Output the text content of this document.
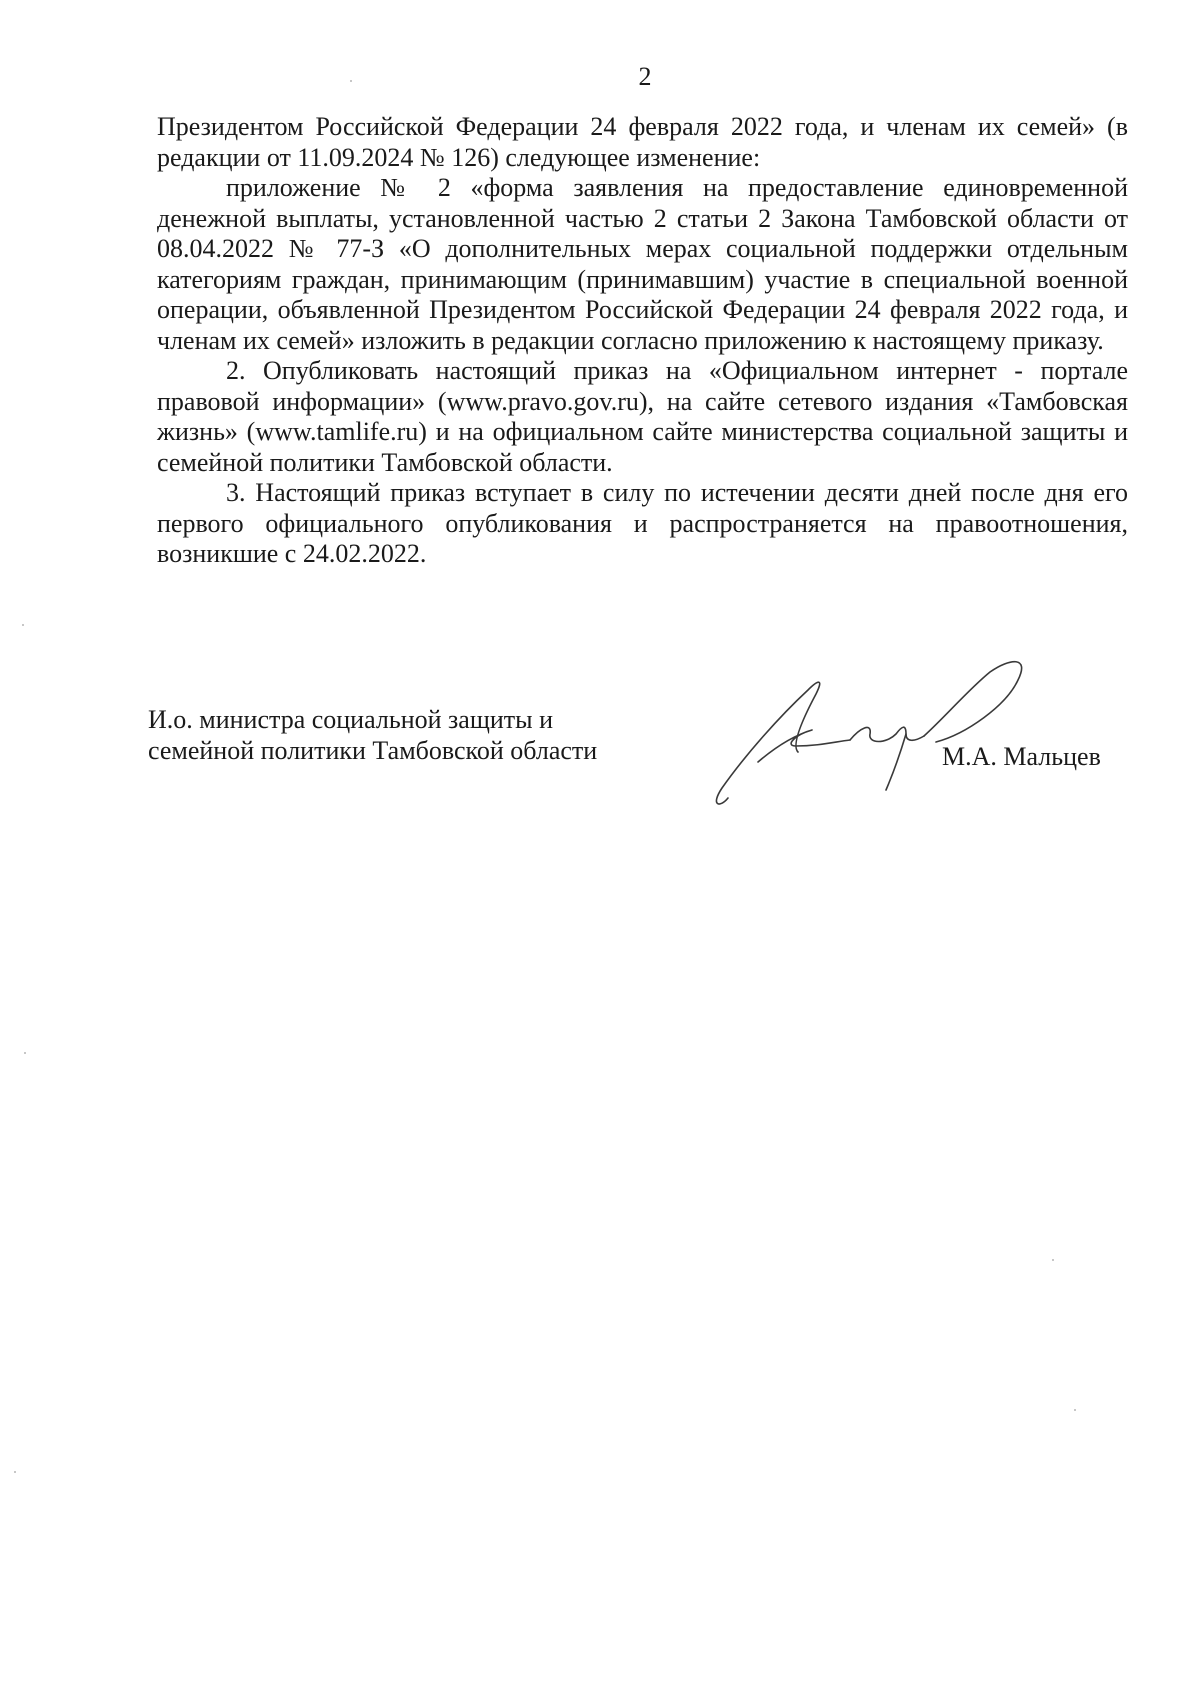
2

Президентом Российской Федерации 24 февраля 2022 года, и членам их семей» (в редакции от 11.09.2024 № 126) следующее изменение:

приложение № 2 «форма заявления на предоставление единовременной денежной выплаты, установленной частью 2 статьи 2 Закона Тамбовской области от 08.04.2022 № 77-З «О дополнительных мерах социальной поддержки отдельным категориям граждан, принимающим (принимавшим) участие в специальной военной операции, объявленной Президентом Российской Федерации 24 февраля 2022 года, и членам их семей» изложить в редакции согласно приложению к настоящему приказу.

2. Опубликовать настоящий приказ на «Официальном интернет - портале правовой информации» (www.pravo.gov.ru), на сайте сетевого издания «Тамбовская жизнь» (www.tamlife.ru) и на официальном сайте министерства социальной защиты и семейной политики Тамбовской области.

3. Настоящий приказ вступает в силу по истечении десяти дней после дня его первого официального опубликования и распространяется на правоотношения, возникшие с 24.02.2022.

И.о. министра социальной защиты и
семейной политики Тамбовской области	М.А. Мальцев
